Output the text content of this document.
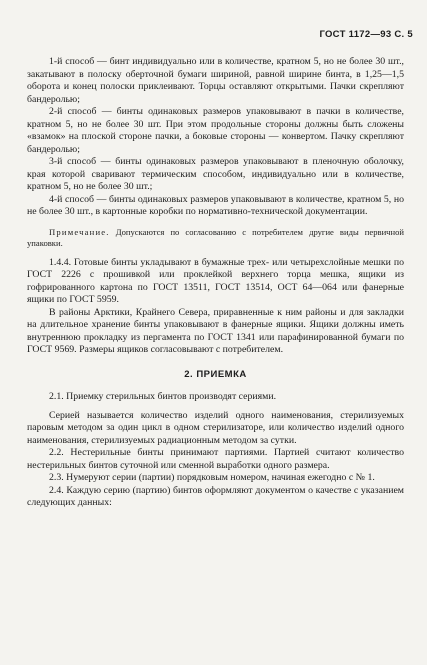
ГОСТ 1172—93 С. 5

1-й способ — бинт индивидуально или в количестве, кратном 5, но не более 30 шт., закатывают в полоску оберточной бумаги шириной, равной ширине бинта, в 1,25—1,5 оборота и конец полоски приклеивают. Торцы оставляют открытыми. Пачки скрепляют бандеролью;

2-й способ — бинты одинаковых размеров упаковывают в пачки в количестве, кратном 5, но не более 30 шт. При этом продольные стороны должны быть сложены «взамок» на плоской стороне пачки, а боковые стороны — конвертом. Пачку скрепляют бандеролью;

3-й способ — бинты одинаковых размеров упаковывают в пленочную оболочку, края которой сваривают термическим способом, индивидуально или в количестве, кратном 5, но не более 30 шт.;

4-й способ — бинты одинаковых размеров упаковывают в количестве, кратном 5, но не более 30 шт., в картонные коробки по нормативно-технической документации.

Примечание. Допускаются по согласованию с потребителем другие виды первичной упаковки.

1.4.4. Готовые бинты укладывают в бумажные трех- или четырехслойные мешки по ГОСТ 2226 с прошивкой или проклейкой верхнего торца мешка, ящики из гофрированного картона по ГОСТ 13511, ГОСТ 13514, ОСТ 64—064 или фанерные ящики по ГОСТ 5959.

В районы Арктики, Крайнего Севера, приравненные к ним районы и для закладки на длительное хранение бинты упаковывают в фанерные ящики. Ящики должны иметь внутреннюю прокладку из пергамента по ГОСТ 1341 или парафинированной бумаги по ГОСТ 9569. Размеры ящиков согласовывают с потребителем.

2. ПРИЕМКА

2.1. Приемку стерильных бинтов производят сериями.

Серией называется количество изделий одного наименования, стерилизуемых паровым методом за один цикл в одном стерилизаторе, или количество изделий одного наименования, стерилизуемых радиационным методом за сутки.

2.2. Нестерильные бинты принимают партиями. Партией считают количество нестерильных бинтов суточной или сменной выработки одного размера.

2.3. Нумеруют серии (партии) порядковым номером, начиная ежегодно с № 1.

2.4. Каждую серию (партию) бинтов оформляют документом о качестве с указанием следующих данных:
